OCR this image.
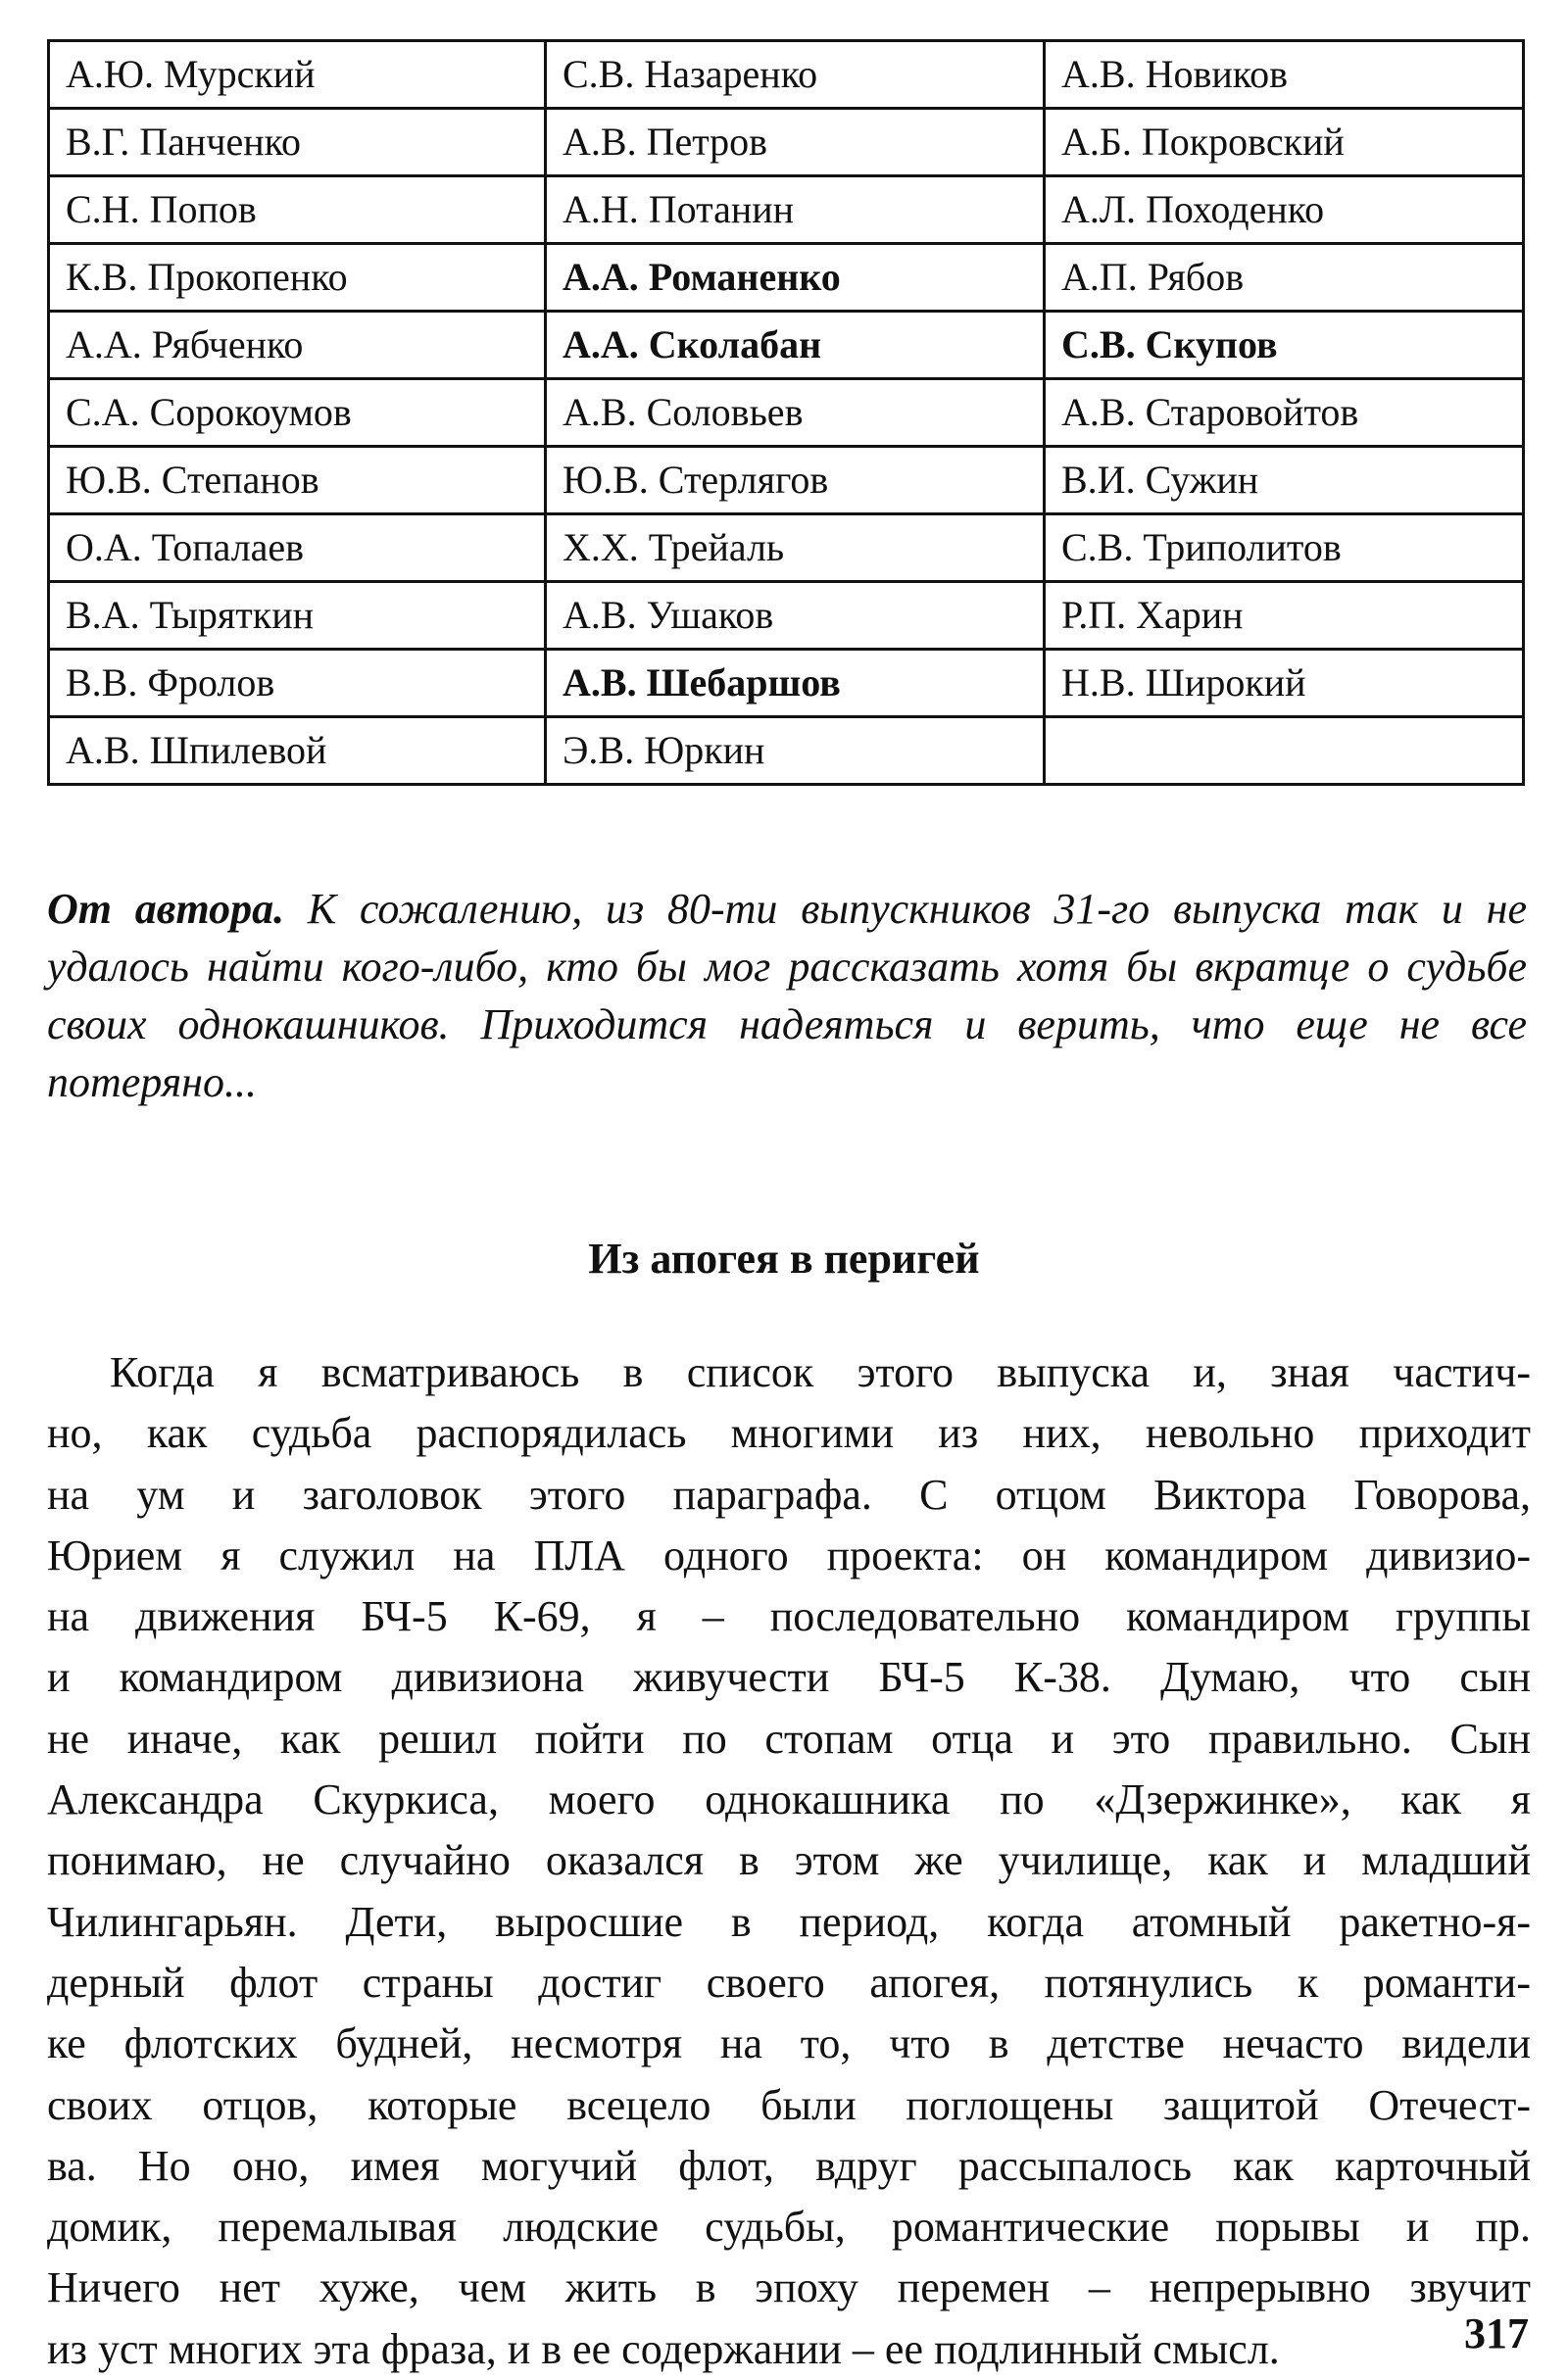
А.Ю. Мурский	С.В. Назаренко	А.В. Новиков
В.Г. Панченко	А.В. Петров	А.Б. Покровский
С.Н. Попов	А.Н. Потанин	А.Л. Походенко
К.В. Прокопенко	А.А. Романенко	А.П. Рябов
А.А. Рябченко	А.А. Сколабан	С.В. Скупов
С.А. Сорокоумов	А.В. Соловьев	А.В. Старовойтов
Ю.В. Степанов	Ю.В. Стерлягов	В.И. Сужин
О.А. Топалаев	Х.Х. Трейаль	С.В. Триполитов
В.А. Тыряткин	А.В. Ушаков	Р.П. Харин
В.В. Фролов	А.В. Шебаршов	Н.В. Широкий
А.В. Шпилевой	Э.В. Юркин	
От автора. К сожалению, из 80-ти выпускников 31-го выпуска так и не удалось найти кого-либо, кто бы мог рассказать хотя бы вкратце о судьбе своих однокашников. Приходится надеяться и верить, что еще не все потеряно...
Из апогея в перигей
Когда я всматриваюсь в список этого выпуска и, зная частич-
но, как судьба распорядилась многими из них, невольно приходит
на ум и заголовок этого параграфа. С отцом Виктора Говорова,
Юрием я служил на ПЛА одного проекта: он командиром дивизио-
на движения БЧ-5 К-69, я – последовательно командиром группы
и командиром дивизиона живучести БЧ-5 К-38. Думаю, что сын
не иначе, как решил пойти по стопам отца и это правильно. Сын
Александра Скуркиса, моего однокашника по «Дзержинке», как я
понимаю, не случайно оказался в этом же училище, как и младший
Чилингарьян. Дети, выросшие в период, когда атомный ракетно-я-
дерный флот страны достиг своего апогея, потянулись к романти-
ке флотских будней, несмотря на то, что в детстве нечасто видели
своих отцов, которые всецело были поглощены защитой Отечест-
ва. Но оно, имея могучий флот, вдруг рассыпалось как карточный
домик, перемалывая людские судьбы, романтические порывы и пр.
Ничего нет хуже, чем жить в эпоху перемен – непрерывно звучит
из уст многих эта фраза, и в ее содержании – ее подлинный смысл.	317
